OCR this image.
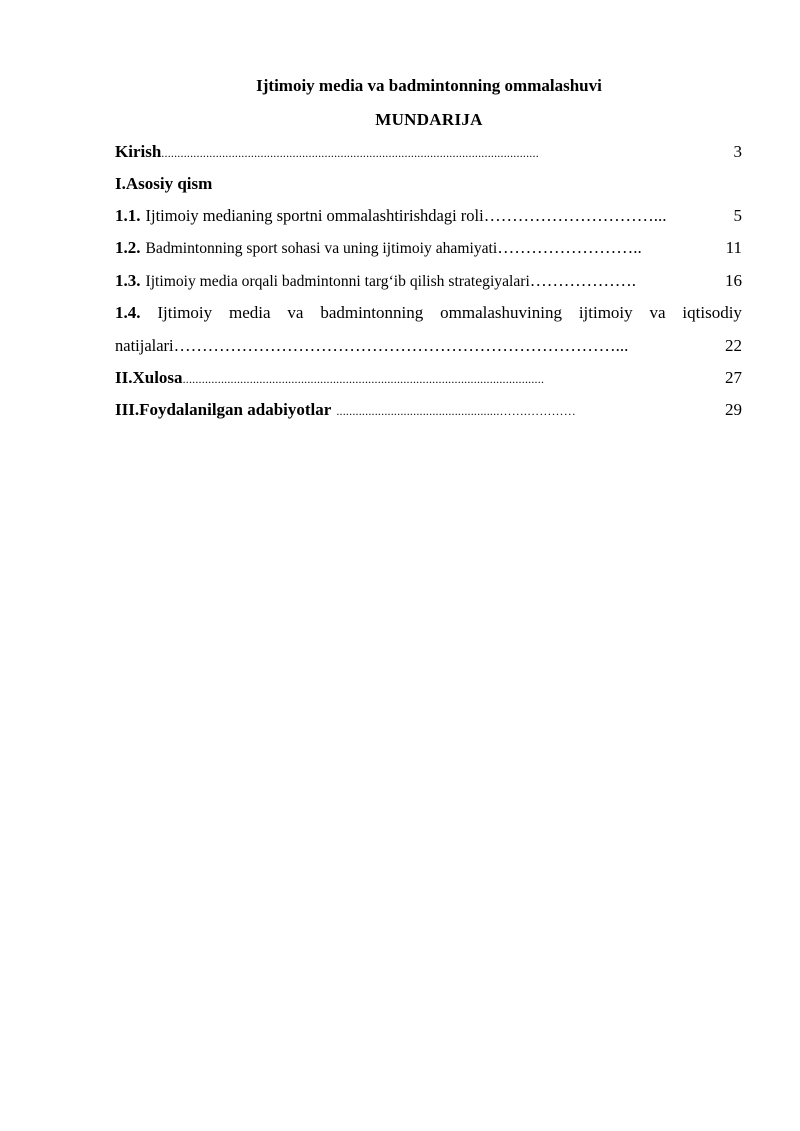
Ijtimoiy media va badmintonning ommalashuvi
MUNDARIJA
Kirish ......................................................................................................................	3
I.Asosiy qism
1.1. Ijtimoiy medianing sportni ommalashtirishdagi roli …………………………...	5
1.2. Badmintonning sport sohasi va uning ijtimoiy ahamiyati ……………………..	11
1.3. Ijtimoiy media orqali badmintonni targ‘ib qilish strategiyalari ……………….	16
1.4. Ijtimoiy media va badmintonning ommalashuvining ijtimoiy va iqtisodiy
natijalari ……………………………………………………………………...	22
II.Xulosa .................................................................................................................	27
III.Foydalanilgan adabiyotlar ...................................................…….…………	29
